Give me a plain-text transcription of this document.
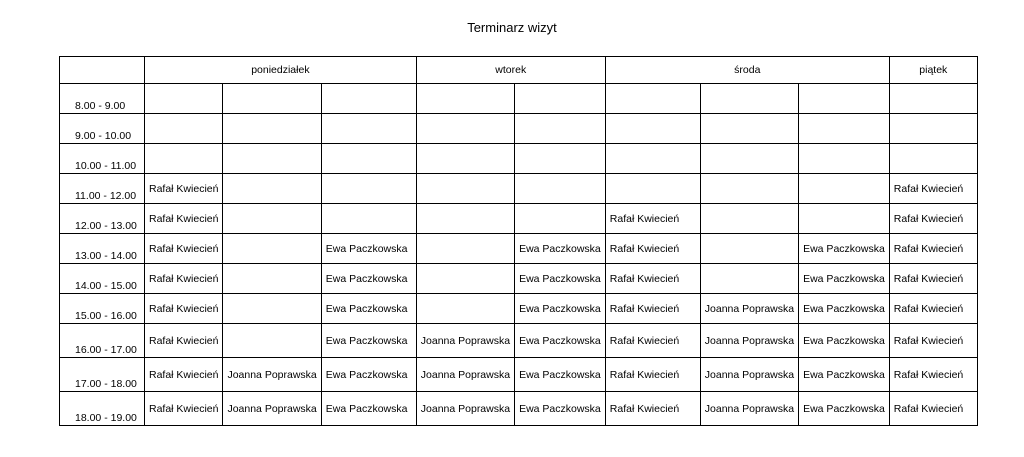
Terminarz wizyt
	poniedziałek			wtorek		środa			piątek
8.00 - 9.00									
9.00 - 10.00									
10.00 - 11.00									
11.00 - 12.00	Rafał Kwiecień								Rafał Kwiecień
12.00 - 13.00	Rafał Kwiecień					Rafał Kwiecień			Rafał Kwiecień
13.00 - 14.00	Rafał Kwiecień		Ewa Paczkowska		Ewa Paczkowska	Rafał Kwiecień		Ewa Paczkowska	Rafał Kwiecień
14.00 - 15.00	Rafał Kwiecień		Ewa Paczkowska		Ewa Paczkowska	Rafał Kwiecień		Ewa Paczkowska	Rafał Kwiecień
15.00 - 16.00	Rafał Kwiecień		Ewa Paczkowska		Ewa Paczkowska	Rafał Kwiecień	Joanna Poprawska	Ewa Paczkowska	Rafał Kwiecień
16.00 - 17.00	Rafał Kwiecień		Ewa Paczkowska	Joanna Poprawska	Ewa Paczkowska	Rafał Kwiecień	Joanna Poprawska	Ewa Paczkowska	Rafał Kwiecień
17.00 - 18.00	Rafał Kwiecień	Joanna Poprawska	Ewa Paczkowska	Joanna Poprawska	Ewa Paczkowska	Rafał Kwiecień	Joanna Poprawska	Ewa Paczkowska	Rafał Kwiecień
18.00 - 19.00	Rafał Kwiecień	Joanna Poprawska	Ewa Paczkowska	Joanna Poprawska	Ewa Paczkowska	Rafał Kwiecień	Joanna Poprawska	Ewa Paczkowska	Rafał Kwiecień
